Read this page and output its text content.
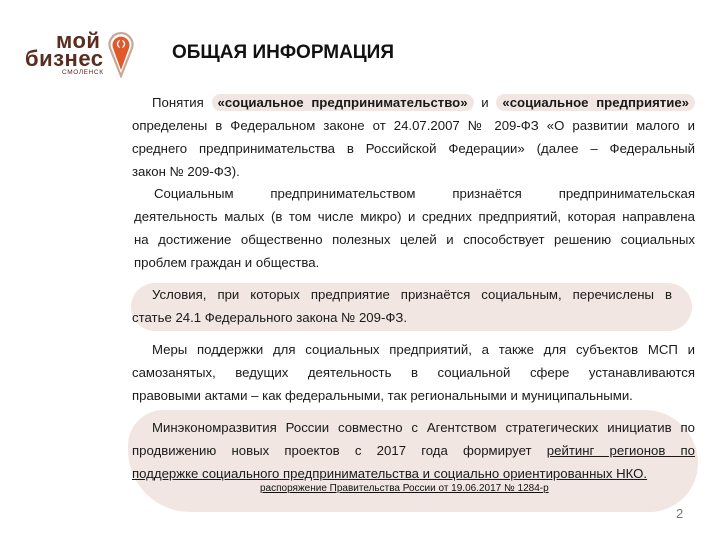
мой
бизнес
СМОЛЕНСК
ОБЩАЯ ИНФОРМАЦИЯ
Понятия «социальное предпринимательство» и «социальное предприятие»
определены в Федеральном законе от 24.07.2007 № 209-ФЗ «О развитии малого и
среднего предпринимательства в Российской Федерации» (далее – Федеральный
закон № 209-ФЗ).
Социальным предпринимательством признаётся предпринимательская
деятельность малых (в том числе микро) и средних предприятий, которая направлена
на достижение общественно полезных целей и способствует решению социальных
проблем граждан и общества.
Условия, при которых предприятие признаётся социальным, перечислены в
статье 24.1 Федерального закона № 209-ФЗ.
Меры поддержки для социальных предприятий, а также для субъектов МСП и
самозанятых, ведущих деятельность в социальной сфере устанавливаются
правовыми актами – как федеральными, так региональными и муниципальными.
Минэкономразвития России совместно с Агентством стратегических инициатив по
продвижению новых проектов с 2017 года формирует рейтинг регионов по
поддержке социального предпринимательства и социально ориентированных НКО.
распоряжение Правительства России от 19.06.2017 № 1284-р
2
